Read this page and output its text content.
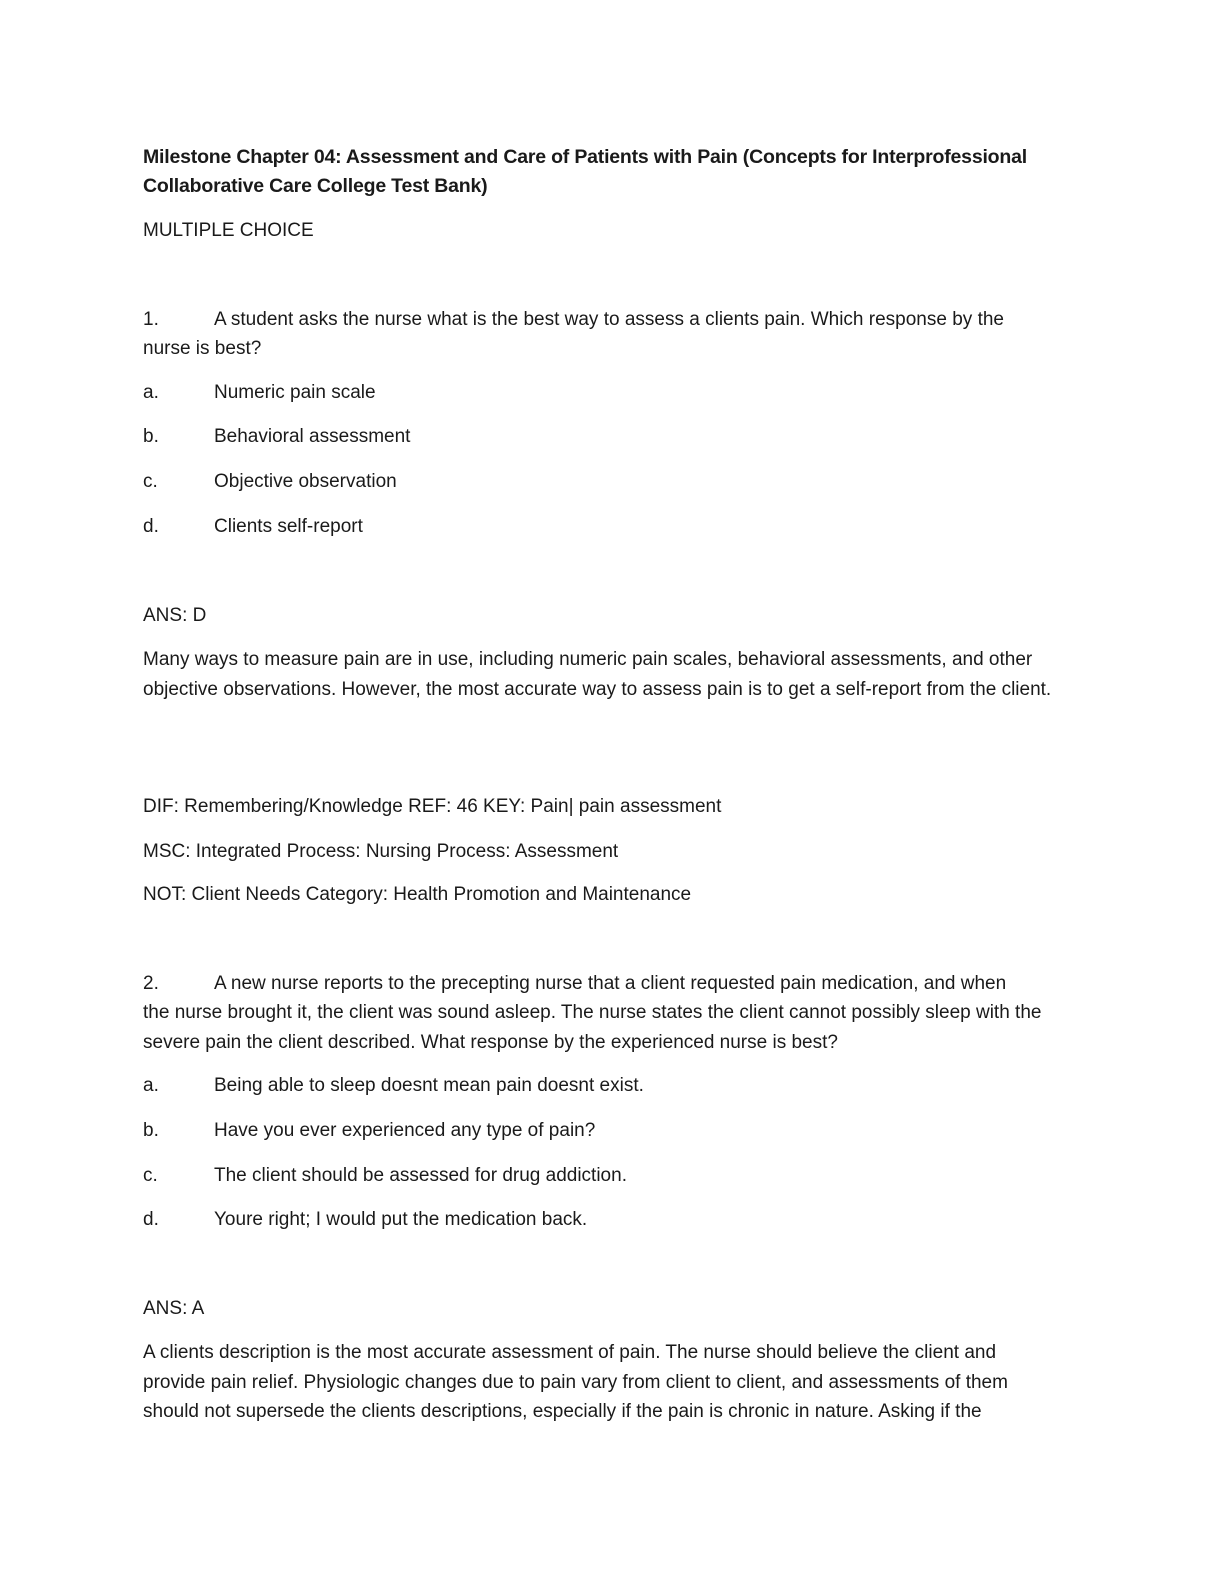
Milestone Chapter 04: Assessment and Care of Patients with Pain (Concepts for Interprofessional Collaborative Care College Test Bank)
MULTIPLE CHOICE
1.	A student asks the nurse what is the best way to assess a clients pain. Which response by the
nurse is best?
a.	Numeric pain scale
b.	Behavioral assessment
c.	Objective observation
d.	Clients self-report
ANS: D
Many ways to measure pain are in use, including numeric pain scales, behavioral assessments, and other objective observations. However, the most accurate way to assess pain is to get a self-report from the client.
DIF: Remembering/Knowledge REF: 46 KEY: Pain| pain assessment
MSC: Integrated Process: Nursing Process: Assessment
NOT: Client Needs Category: Health Promotion and Maintenance
2.	A new nurse reports to the precepting nurse that a client requested pain medication, and when
the nurse brought it, the client was sound asleep. The nurse states the client cannot possibly sleep with the severe pain the client described. What response by the experienced nurse is best?
a.	Being able to sleep doesnt mean pain doesnt exist.
b.	Have you ever experienced any type of pain?
c.	The client should be assessed for drug addiction.
d.	Youre right; I would put the medication back.
ANS: A
A clients description is the most accurate assessment of pain. The nurse should believe the client and provide pain relief. Physiologic changes due to pain vary from client to client, and assessments of them should not supersede the clients descriptions, especially if the pain is chronic in nature. Asking if the
